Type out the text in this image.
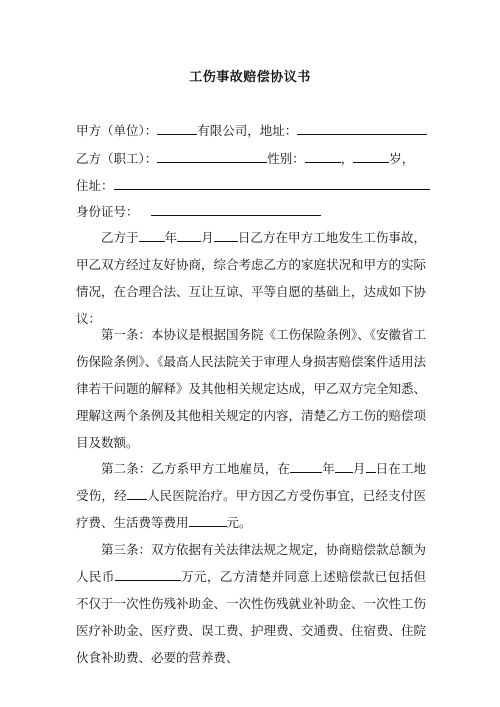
工伤事故赔偿协议书
甲方（单位）：	有限公司，地址：
乙方（职工）：	性别：	，	岁，
住址：
身份证号：
乙方于 年 月 日乙方在甲方工地发生工伤事故，甲乙双方经过友好协商，综合考虑乙方的家庭状况和甲方的实际情况，在合理合法、互让互谅、平等自愿的基础上，达成如下协议：
第一条：本协议是根据国务院《工伤保险条例》、《安徽省工伤保险条例》、《最高人民法院关于审理人身损害赔偿案件适用法律若干问题的解释》及其他相关规定达成，甲乙双方完全知悉、理解这两个条例及其他相关规定的内容，清楚乙方工伤的赔偿项目及数额。
第二条：乙方系甲方工地雇员，在	年 月 日在工地受伤，经 人民医院治疗。甲方因乙方受伤事宜，已经支付医疗费、生活费等费用	元。
第三条：双方依据有关法律法规之规定，协商赔偿款总额为人民币	万元，乙方清楚并同意上述赔偿款已包括但不仅于一次性伤残补助金、一次性伤残就业补助金、一次性工伤医疗补助金、医疗费、误工费、护理费、交通费、住宿费、住院伙食补助费、必要的营养费、
